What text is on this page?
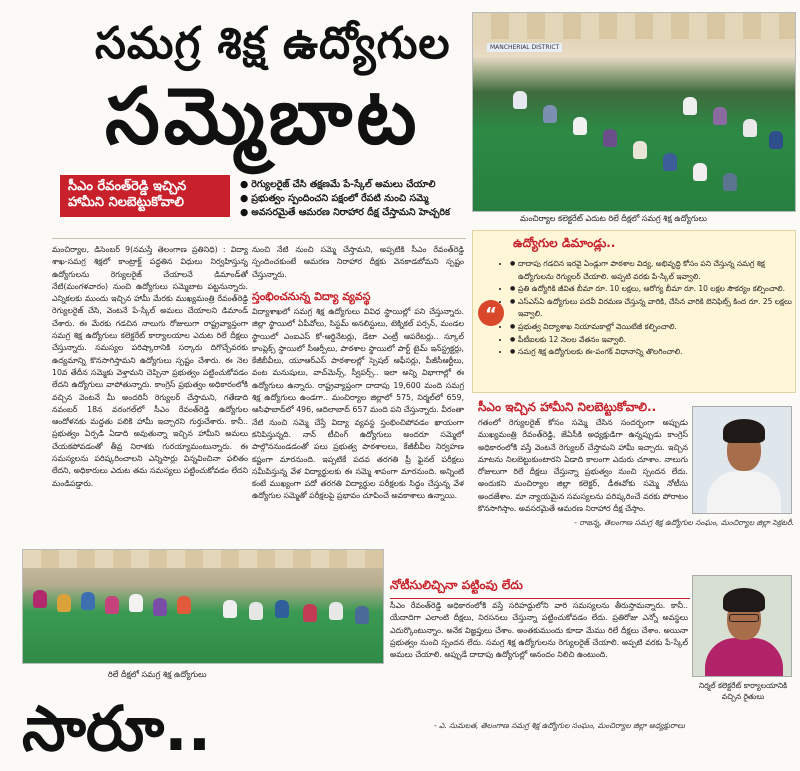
సమగ్ర శిక్ష ఉద్యోగుల
సమ్మెబాట
MANCHERIAL DISTRICT
మంచిర్యాల కలెక్టరేట్ ఎదుట రిలే దీక్షలో సమగ్ర శిక్ష ఉద్యోగులు
సీఎం రేవంత్‌రెడ్డి ఇచ్చిన హామీని నిలబెట్టుకోవాలి
● రెగ్యులరైజ్ చేసి తక్షణమే పే-స్కేల్ అమలు చేయాలి
● ప్రభుత్వం స్పందించని పక్షంలో రేపటి నుంచి సమ్మె
● అవసరమైతే ఆమరణ నిరాహార దీక్ష చేస్తామని హెచ్చరిక
మంచిర్యాల, డిసెంబర్ 9(నమస్తే తెలంగాణ ప్రతినిధి) : విద్యా శాఖ-సమగ్ర శిక్షలో కాంట్రాక్ట్ పద్ధతిన విధులు నిర్వహిస్తున్న ఉద్యోగులను రెగ్యులరైజ్ చేయాలనే డిమాండ్‌తో నేటి(మంగళవారం) నుంచి ఉద్యోగులు సమ్మెబాట పట్టనున్నారు. ఎన్నికలకు ముందు ఇచ్చిన హామీ మేరకు ముఖ్యమంత్రి రేవంత్‌రెడ్డి రెగ్యులరైజ్ చేసి, వెంటనే పే-స్కేల్ అమలు చేయాలని డిమాండ్ చేశారు. ఈ మేరకు గడచిన నాలుగు రోజులుగా రాష్ట్రవ్యాప్తంగా సమగ్ర శిక్ష ఉద్యోగులు కలెక్టరేట్ కార్యాలయాల ఎదుట రిలే దీక్షలు చేస్తున్నారు. సమస్యల పరిష్కారానికి సర్కారు దిగొచ్చేవరకు ఉద్యమాన్ని కొనసాగిస్తామని ఉద్యోగులు స్పష్టం చేశారు. ఈ నెల 10వ తేదీన సమ్మెకు వెళ్తామని చెప్పినా ప్రభుత్వం పట్టించుకోవడం లేదని ఉద్యోగులు వాపోతున్నారు. కాంగ్రెస్ ప్రభుత్వం అధికారంలోకి వచ్చిన వెంటనే మీ అందరినీ రెగ్యులర్ చేస్తామని, గతేడాది నవంబర్ 18న వరంగల్‌లో సీఎం రేవంత్‌రెడ్డి ఉద్యోగుల ఆందోళనకు మద్దతు పలికి హామీ ఇచ్చారని గుర్తుచేశారు. కానీ.. ప్రభుత్వం ఏర్పడి ఏడాది అవుతున్నా ఇచ్చిన హామీని అమలు చేయకపోవడంతో తీవ్ర నిరాశకు గురయ్యామంటున్నారు. ఈ సమస్యలను పరిష్కరించాలని ఎన్నిసార్లు విన్నవించినా ఫలితం లేదని, అధికారులు ఎదుట తమ సమస్యలు పట్టించుకోవడం లేదని మండిపడ్డారు.
నుంచి నేటి నుంచి సమ్మె చేస్తామని, అప్పటికి సీఎం రేవంత్‌రెడ్డి స్పందించకుంటే ఆమరణ నిరాహార దీక్షకు వెనకాడబోమని స్పష్టం చేస్తున్నారు.
స్తంభించనున్న విద్యా వ్యవస్థ
విద్యాశాఖలో సమగ్ర శిక్ష ఉద్యోగులు వివిధ స్థాయిల్లో పని చేస్తున్నారు. జిల్లా స్థాయిలో ఏపీవోలు, సిస్టమ్ అనలిస్టులు, టెక్నికల్ పర్సన్, మండల స్థాయిలో ఎంఐఎస్ కో-ఆర్డినేటర్లు, డేటా ఎంట్రీ ఆపరేటర్లు.. స్కూల్ కాంప్లెక్స్ స్థాయిలో సీఆర్పీలు, పాఠశాల స్థాయిలో పార్ట్ టైమ్ ఇన్‌స్ట్రక్టర్లు, కేజీబీవీలు, యూఆర్ఎస్ పాఠశాలల్లో స్పెషల్ ఆఫీసర్లు, పీజీసీఆర్టీలు, వంట మనుషులు, వాచ్‌మెన్స్, స్వీపర్స్.. ఇలా అన్ని విభాగాల్లో ఈ ఉద్యోగులు ఉన్నారు. రాష్ట్రవ్యాప్తంగా దాదాపు 19,600 మంది సమగ్ర శిక్ష ఉద్యోగులు ఉండగా.. మంచిర్యాల జిల్లాలో 575, నిర్మల్‌లో 659, ఆసిఫాబాద్‌లో 496, ఆదిలాబాద్ 657 మంది పని చేస్తున్నారు. వీరంతా నేటి నుంచి సమ్మె చేస్తే విద్యా వ్యవస్థ స్తంభించిపోవడం ఖాయంగా కనిపిస్తున్నది. నాన్ టీచింగ్ ఉద్యోగులు అందరూ సమ్మెలో పాల్గొననుండడంతో పలు ప్రభుత్వ పాఠశాలలు, కేజీబీవీల నిర్వహణ కష్టంగా మారనుంది. ఇప్పటికే పదవ తరగతి ప్రీ ఫైనల్ పరీక్షలు సమీపిస్తున్న వేళ విద్యార్థులకు ఈ సమ్మె శాపంగా మారనుంది. అన్నింటి కంటే ముఖ్యంగా పదో తరగతి విద్యార్థుల పరీక్షలకు సిద్ధం చేస్తున్న వేళ ఉద్యోగుల సమ్మెతో పరీక్షలపై ప్రభావం చూపించే అవకాశాలు ఉన్నాయి.
ఉద్యోగుల డిమాండ్లు..
“
● • దాదాపు గడచిన ఇరవై ఏండ్లుగా పాఠశాల విద్య, అభివృద్ధి కోసం పని చేస్తున్న సమగ్ర శిక్ష ఉద్యోగులను రెగ్యులర్ చేయాలి. అప్పటి వరకు పే-స్కేల్ ఇవ్వాలి.
● • ప్రతి ఉద్యోగికి జీవిత బీమా రూ. 10 లక్షలు, ఆరోగ్య బీమా రూ. 10 లక్షల సౌకర్యం కల్పించాలి.
● • ఎస్ఎస్ఏ ఉద్యోగులు పదవీ విరమణ చేస్తున్న వారికి, చేసిన వారికి బెనిఫిట్స్ కింద రూ. 25 లక్షలు ఇవ్వాలి.
● • ప్రభుత్వ విద్యాశాఖ నియామకాల్లో వెయిటేజీ కల్పించాలి.
● • పీటీఐలకు 12 నెలల వేతనం ఇవ్వాలి.
● • సమగ్ర శిక్ష ఉద్యోగులకు ఈ-పంగక్ విధానాన్ని తొలగించాలి.
సీఎం ఇచ్చిన హామీని నిలబెట్టుకోవాలి..
గతంలో రెగ్యులరైజ్ కోసం సమ్మె చేసిన సందర్భంగా అప్పుడు ముఖ్యమంత్రి రేవంత్‌రెడ్డి, జేఏసీకి అధ్యక్షుడిగా ఉన్నప్పుడు కాంగ్రెస్ అధికారంలోకి వస్తే వెంటనే రెగ్యులర్ చేస్తామని హామీ ఇచ్చారు. ఇచ్చిన మాటను నిలబెట్టుకుంటారని ఏడాది కాలంగా ఎదురు చూశాం. నాలుగు రోజులుగా రిలే దీక్షలు చేస్తున్నా ప్రభుత్వం నుంచి స్పందన లేదు. అందుకని మంచిర్యాల జిల్లా కలెక్టర్, డీఈవోకు సమ్మె నోటీసు అందజేశాం. మా న్యాయమైన సమస్యలను పరిష్కరించే వరకు పోరాటం కొనసాగిస్తాం. అవసరమైతే ఆమరణ నిరాహార దీక్ష చేస్తాం.
- రాజన్న, తెలంగాణ సమగ్ర శిక్ష ఉద్యోగుల సంఘం, మంచిర్యాల జిల్లా సెక్రటరీ.
రిలే దీక్షలో సమగ్ర శిక్ష ఉద్యోగులు
నోటీసులిచ్చినా పట్టింపు లేదు
సీఎం రేవంత్‌రెడ్డి అధికారంలోకి వస్తే సరిహద్దులోని వారి సమస్యలను తీరుస్తామన్నారు. కానీ.. యేదాదిగా ఎలాంటి దీక్షలు, నిరసనలు చేస్తున్నా పట్టించుకోవడం లేదు. ప్రతిరోజు ఎన్నో అవస్థలు ఎదుర్కొంటున్నాం. అనేక విజ్ఞప్తులు చేశాం. అంతకుముందు కూడా మేము రిలే దీక్షలు చేశాం. అయినా ప్రభుత్వం నుంచి స్పందన లేదు. సమగ్ర శిక్ష ఉద్యోగులను రెగ్యులరైజ్ చేయాలి. అప్పటి వరకు పే-స్కేల్ అమలు చేయాలి. అప్పుడే దాదాపు ఉద్యోగుల్లో ఆనందం నిలిచి ఉంటుంది.
- ఎ. సుమలత, తెలంగాణ సమగ్ర శిక్ష ఉద్యోగుల సంఘం, మంచిర్యాల జిల్లా అధ్యక్షురాలు
నిర్మల్ కలెక్టరేట్ కార్యాలయానికి వచ్చిన రైతులు
సారూ..
